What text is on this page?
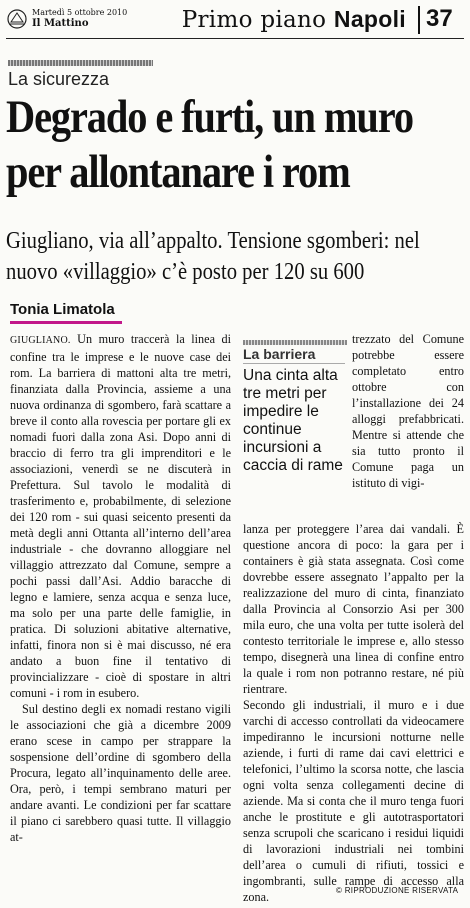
Martedì 5 ottobre 2010
Il Mattino	Primo piano Napoli 37
La sicurezza
Degrado e furti, un muro
per allontanare i rom
Giugliano, via all’appalto. Tensione sgomberi: nel
nuovo «villaggio» c’è posto per 120 su 600
Tonia Limatola

GIUGLIANO. Un muro traccerà la linea di confine tra le imprese e le nuove case dei rom. La barriera di mattoni alta tre metri, finanziata dalla Provincia, assieme a una nuova ordinanza di sgombero, farà scattare a breve il conto alla rovescia per portare gli ex nomadi fuori dalla zona Asi. Dopo anni di braccio di ferro tra gli imprenditori e le associazioni, venerdì se ne discuterà in Prefettura. Sul tavolo le modalità di trasferimento e, probabilmente, di selezione dei 120 rom - sui quasi seicento presenti da metà degli anni Ottanta all’interno dell’area industriale - che dovranno alloggiare nel villaggio attrezzato dal Comune, sempre a pochi passi dall’Asi. Addio baracche di legno e lamiere, senza acqua e senza luce, ma solo per una parte delle famiglie, in pratica. Di soluzioni abitative alternative, infatti, finora non si è mai discusso, né era andato a buon fine il tentativo di provincializzare - cioè di spostare in altri comuni - i rom in esubero.

Sul destino degli ex nomadi restano vigili le associazioni che già a dicembre 2009 erano scese in campo per strappare la sospensione dell’ordine di sgombero della Procura, legato all’inquinamento delle aree. Ora, però, i tempi sembrano maturi per andare avanti. Le condizioni per far scattare il piano ci sarebbero quasi tutte. Il villaggio at-

La barriera
Una cinta alta tre metri per impedire le continue incursioni a caccia di rame
trezzato del Comune potrebbe essere completato entro ottobre con l’installazione dei 24 alloggi prefabbricati. Mentre si attende che sia tutto pronto il Comune paga un istituto di vigi-

lanza per proteggere l’area dai vandali. È questione ancora di poco: la gara per i containers è già stata assegnata. Così come dovrebbe essere assegnato l’appalto per la realizzazione del muro di cinta, finanziato dalla Provincia al Consorzio Asi per 300 mila euro, che una volta per tutte isolerà del contesto territoriale le imprese e, allo stesso tempo, disegnerà una linea di confine entro la quale i rom non potranno restare, né più rientrare.

Secondo gli industriali, il muro e i due varchi di accesso controllati da videocamere impediranno le incursioni notturne nelle aziende, i furti di rame dai cavi elettrici e telefonici, l’ultimo la scorsa notte, che lascia ogni volta senza collegamenti decine di aziende. Ma si conta che il muro tenga fuori anche le prostitute e gli autotrasportatori senza scrupoli che scaricano i residui liquidi di lavorazioni industriali nei tombini dell’area o cumuli di rifiuti, tossici e ingombranti, sulle rampe di accesso alla zona.	© RIPRODUZIONE RISERVATA
